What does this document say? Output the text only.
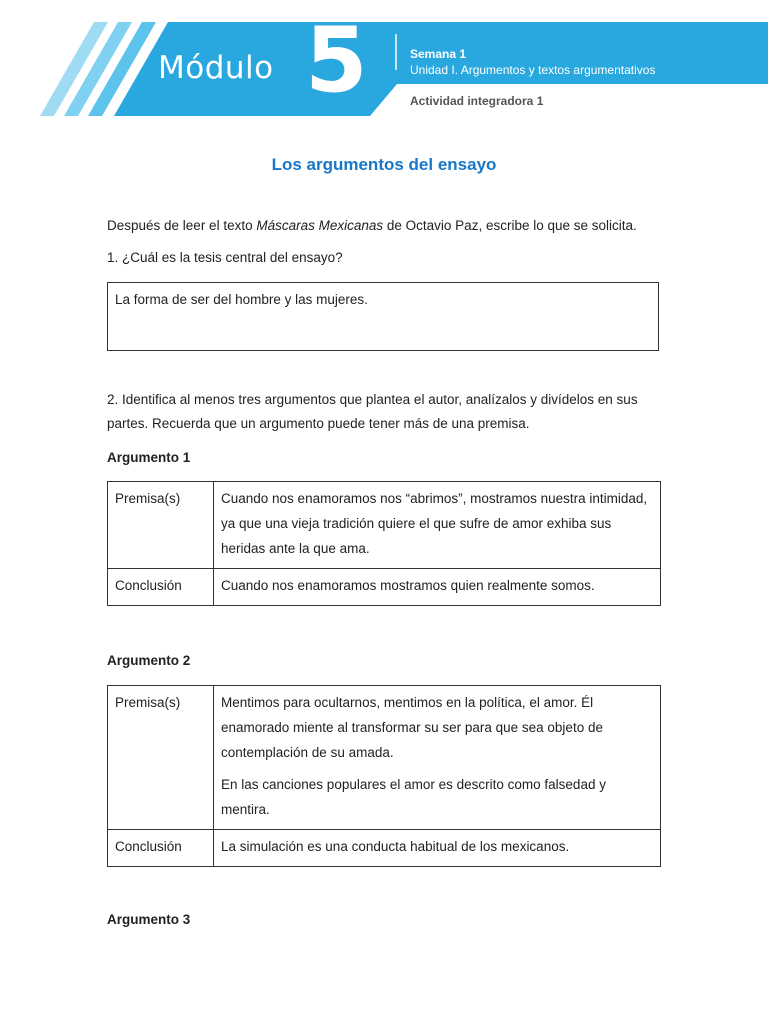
Módulo 5	Semana 1
Unidad I. Argumentos y textos argumentativos
Actividad integradora 1
Los argumentos del ensayo
Después de leer el texto Máscaras Mexicanas de Octavio Paz, escribe lo que se solicita.
1. ¿Cuál es la tesis central del ensayo?
La forma de ser del hombre y las mujeres.
2. Identifica al menos tres argumentos que plantea el autor, analízalos y divídelos en sus partes. Recuerda que un argumento puede tener más de una premisa.
Argumento 1
Premisa(s)	Cuando nos enamoramos nos “abrimos”, mostramos nuestra intimidad, ya que una vieja tradición quiere el que sufre de amor exhiba sus heridas ante la que ama.

Conclusión	Cuando nos enamoramos mostramos quien realmente somos.
Argumento 2
Premisa(s)	Mentimos para ocultarnos, mentimos en la política, el amor. Él enamorado miente al transformar su ser para que sea objeto de contemplación de su amada.

En las canciones populares el amor es descrito como falsedad y mentira.

Conclusión	La simulación es una conducta habitual de los mexicanos.
Argumento 3
